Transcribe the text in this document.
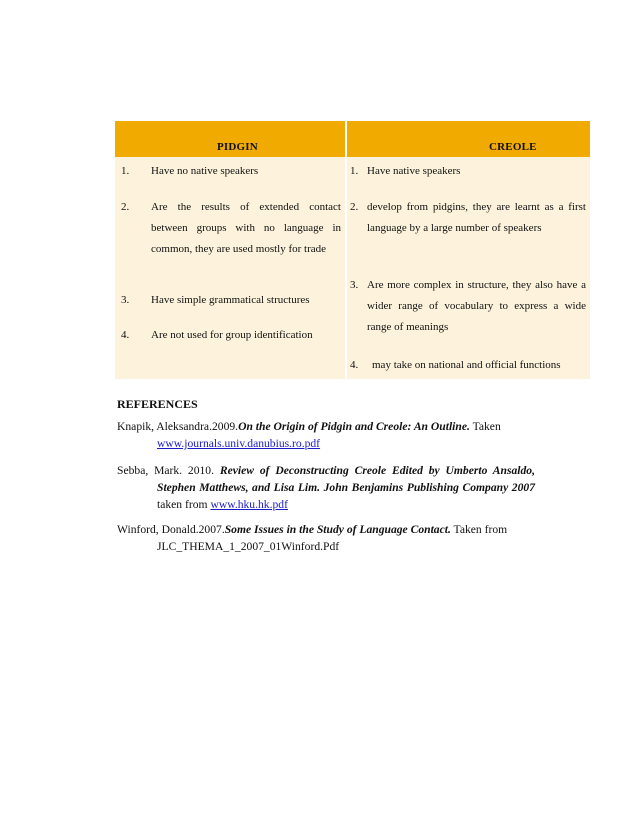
PIDGIN	CREOLE
1. Have no native speakers
2. Are the results of extended contact between groups with no language in common, they are used mostly for trade
3. Have simple grammatical structures
4. Are not used for group identification
1. Have native speakers
2. develop from pidgins, they are learnt as a first language by a large number of speakers
3. Are more complex in structure, they also have a wider range of vocabulary to express a wide range of meanings
4. may take on national and official functions
REFERENCES
Knapik, Aleksandra.2009.On the Origin of Pidgin and Creole: An Outline. Taken
www.journals.univ.danubius.ro.pdf
Sebba, Mark. 2010. Review of Deconstructing Creole Edited by Umberto Ansaldo, Stephen Matthews, and Lisa Lim. John Benjamins Publishing Company 2007 taken from www.hku.hk.pdf
Winford, Donald.2007.Some Issues in the Study of Language Contact. Taken from
JLC_THEMA_1_2007_01Winford.Pdf
